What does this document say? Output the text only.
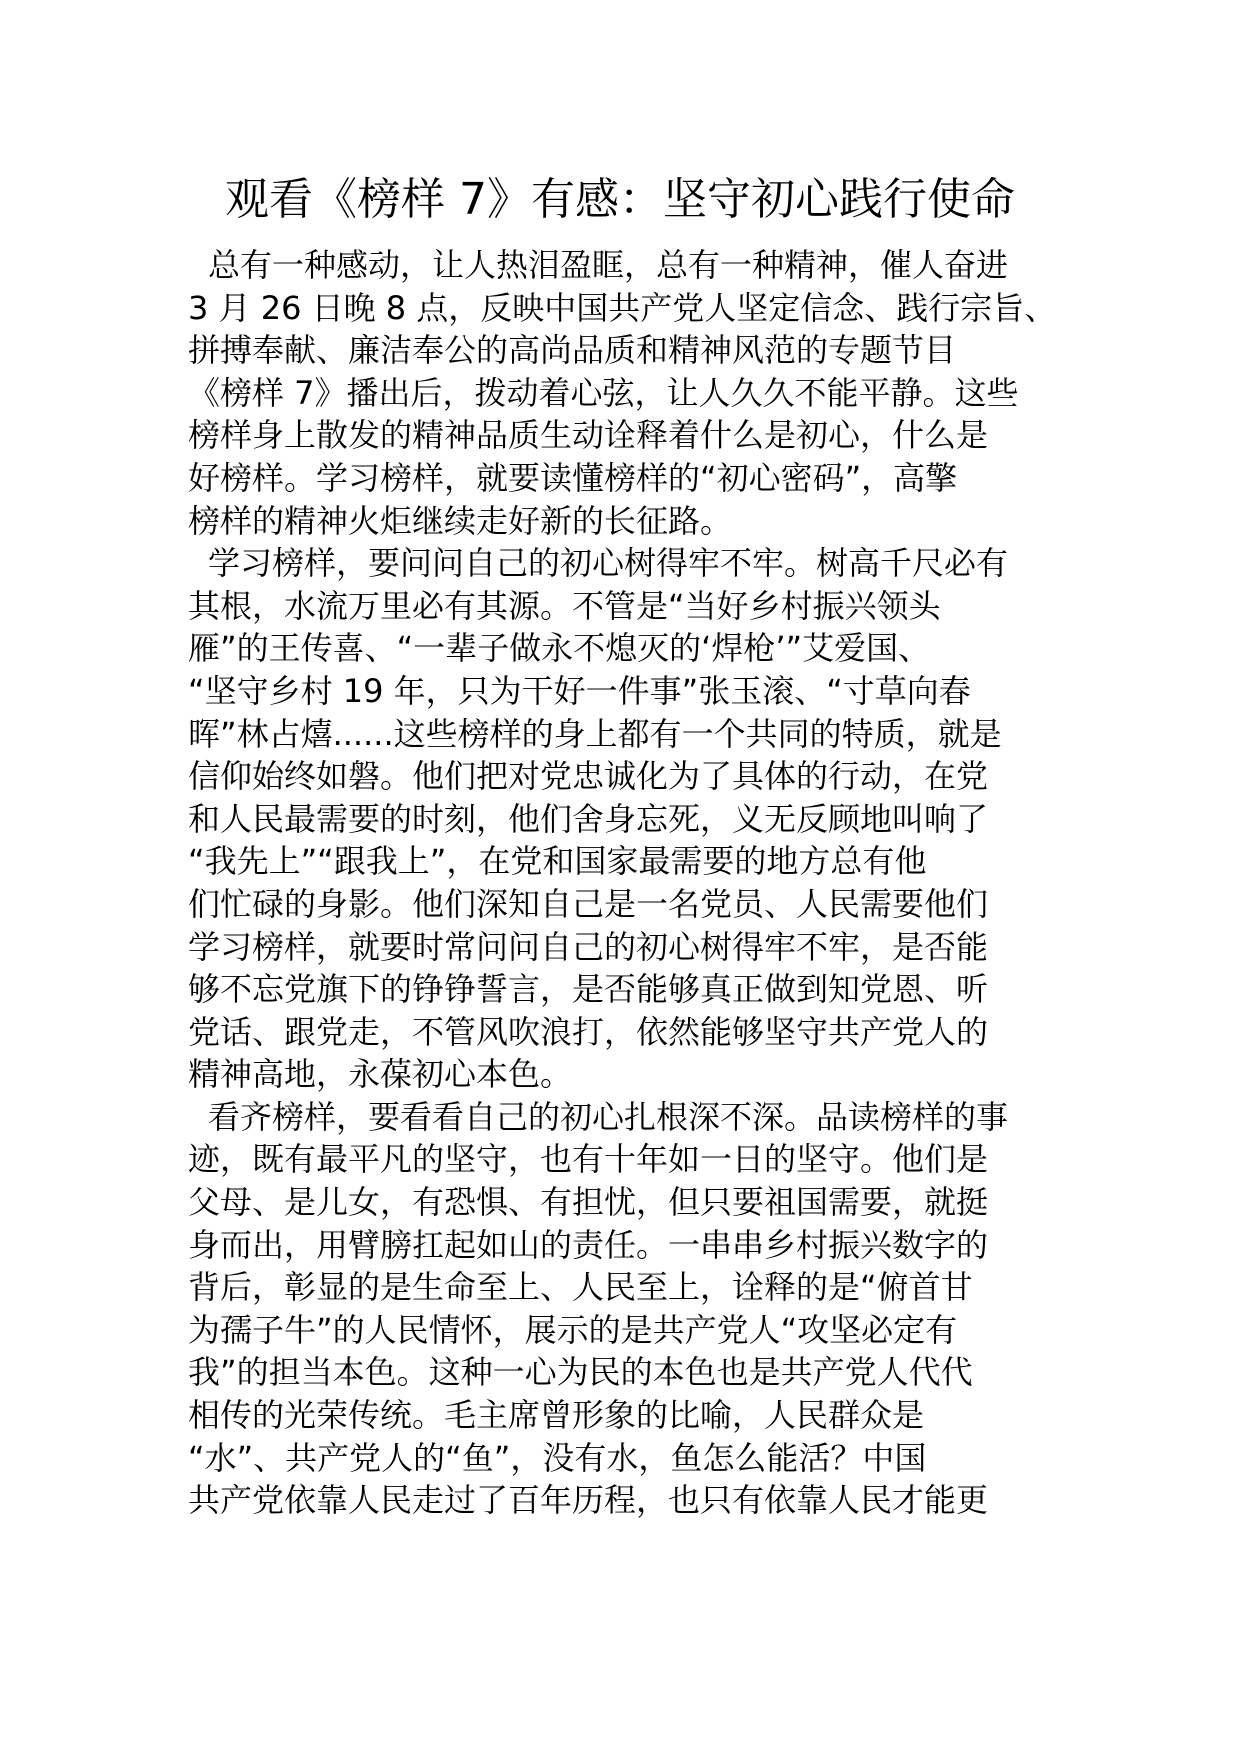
观看《榜样 7》有感：坚守初心践行使命

总有一种感动，让人热泪盈眶，总有一种精神，催人奋进
3 月 26 日晚 8 点，反映中国共产党人坚定信念、践行宗旨、
拼搏奉献、廉洁奉公的高尚品质和精神风范的专题节目
《榜样 7》播出后，拨动着心弦，让人久久不能平静。这些
榜样身上散发的精神品质生动诠释着什么是初心，什么是
好榜样。学习榜样，就要读懂榜样的“初心密码”，高擎
榜样的精神火炬继续走好新的长征路。

学习榜样，要问问自己的初心树得牢不牢。树高千尺必有
其根，水流万里必有其源。不管是“当好乡村振兴领头
雁”的王传喜、“一辈子做永不熄灭的‘焊枪’”艾爱国、
“坚守乡村 19 年，只为干好一件事”张玉滚、“寸草向春
晖”林占熺......这些榜样的身上都有一个共同的特质，就是
信仰始终如磐。他们把对党忠诚化为了具体的行动，在党
和人民最需要的时刻，他们舍身忘死，义无反顾地叫响了
“我先上”“跟我上”，在党和国家最需要的地方总有他
们忙碌的身影。他们深知自己是一名党员、人民需要他们
学习榜样，就要时常问问自己的初心树得牢不牢，是否能
够不忘党旗下的铮铮誓言，是否能够真正做到知党恩、听
党话、跟党走，不管风吹浪打，依然能够坚守共产党人的
精神高地，永葆初心本色。

看齐榜样，要看看自己的初心扎根深不深。品读榜样的事
迹，既有最平凡的坚守，也有十年如一日的坚守。他们是
父母、是儿女，有恐惧、有担忧，但只要祖国需要，就挺
身而出，用臂膀扛起如山的责任。一串串乡村振兴数字的
背后，彰显的是生命至上、人民至上，诠释的是“俯首甘
为孺子牛”的人民情怀，展示的是共产党人“攻坚必定有
我”的担当本色。这种一心为民的本色也是共产党人代代
相传的光荣传统。毛主席曾形象的比喻，人民群众是
“水”、共产党人的“鱼”，没有水，鱼怎么能活？中国
共产党依靠人民走过了百年历程，也只有依靠人民才能更
